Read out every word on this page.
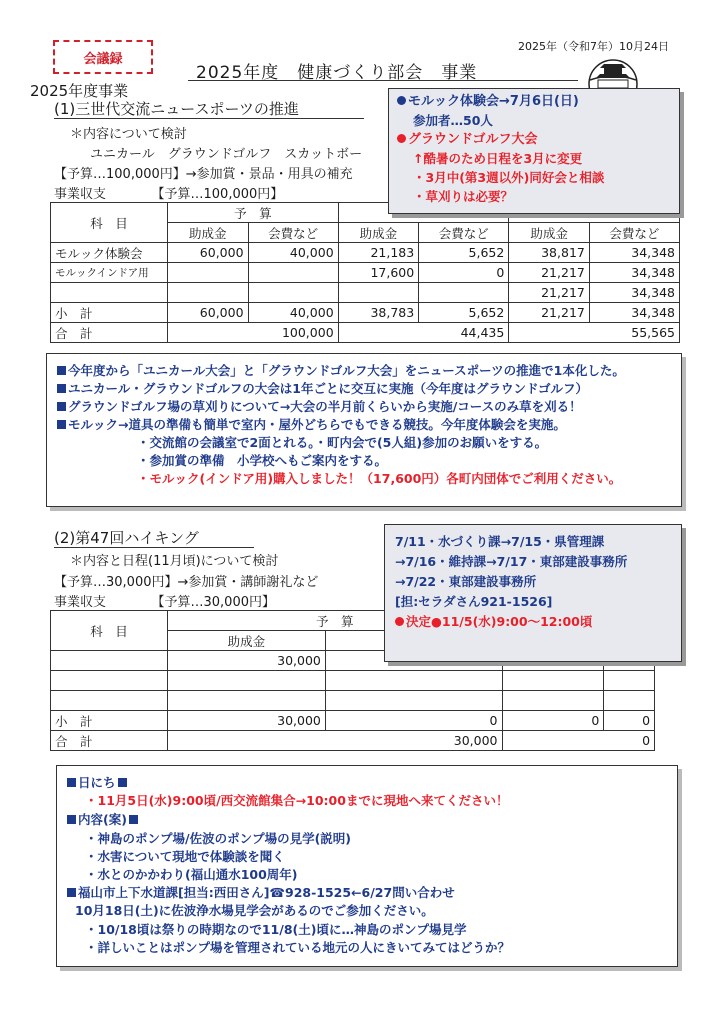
2025年（令和7年）10月24日
会議録
2025年度　健康づくり部会　事業
2025年度事業
(1)三世代交流ニュースポーツの推進
＊内容について検討
ユニカール　グラウンドゴルフ　スカットボー
【予算…100,000円】→参加賞・景品・用具の補充
事業収支　　　　【予算…100,000円】
科　目	予　算					
	助成金	会費など	助成金	会費など	助成金	会費など
モルック体験会	60,000	40,000	21,183	5,652	38,817	34,348
モルックインドア用			17,600	0	21,217	34,348
					21,217	34,348
小　計	60,000	40,000	38,783	5,652	21,217	34,348
合　計	100,000		44,435		55,565	
モルック体験会→7月6日(日)
参加者…50人
グラウンドゴルフ大会
↑酷暑のため日程を3月に変更
・3月中(第3週以外)同好会と相談
・草刈りは必要？
今年度から「ユニカール大会」と「グラウンドゴルフ大会」をニュースポーツの推進で1本化した。
ユニカール・グラウンドゴルフの大会は1年ごとに交互に実施（今年度はグラウンドゴルフ）
グラウンドゴルフ場の草刈りについて→大会の半月前くらいから実施/コースのみ草を刈る！
モルック→道具の準備も簡単で室内・屋外どちらでもできる競技。今年度体験会を実施。
・交流館の会議室で2面とれる。・町内会で(5人組)参加のお願いをする。
・参加賞の準備　小学校へもご案内をする。
・モルック(インドア用)購入しました！（17,600円）各町内団体でご利用ください。
(2)第47回ハイキング
＊内容と日程(11月頃)について検討
【予算…30,000円】→参加賞・講師謝礼など
事業収支　　　　【予算…30,000円】
科　目	予　算				
	助成金			
	30,000				

小　計	30,000	0	0	0	
合　計	30,000		0		
7/11・水づくり課→7/15・県管理課
→7/16・維持課→7/17・東部建設事務所
→7/22・東部建設事務所
[担:セラダさん921-1526]
決定●11/5(水)9:00～12:00頃
日にち
・11月5日(水)9:00頃/西交流館集合→10:00までに現地へ来てください！
内容(案)
・神島のポンプ場/佐波のポンプ場の見学(説明)
・水害について現地で体験談を聞く
・水とのかかわり(福山通水100周年)
福山市上下水道課[担当:西田さん]☎928-1525←6/27問い合わせ
10月18日(土)に佐波浄水場見学会があるのでご参加ください。
・10/18頃は祭りの時期なので11/8(土)頃に…神島のポンプ場見学
・詳しいことはポンプ場を管理されている地元の人にきいてみてはどうか？
